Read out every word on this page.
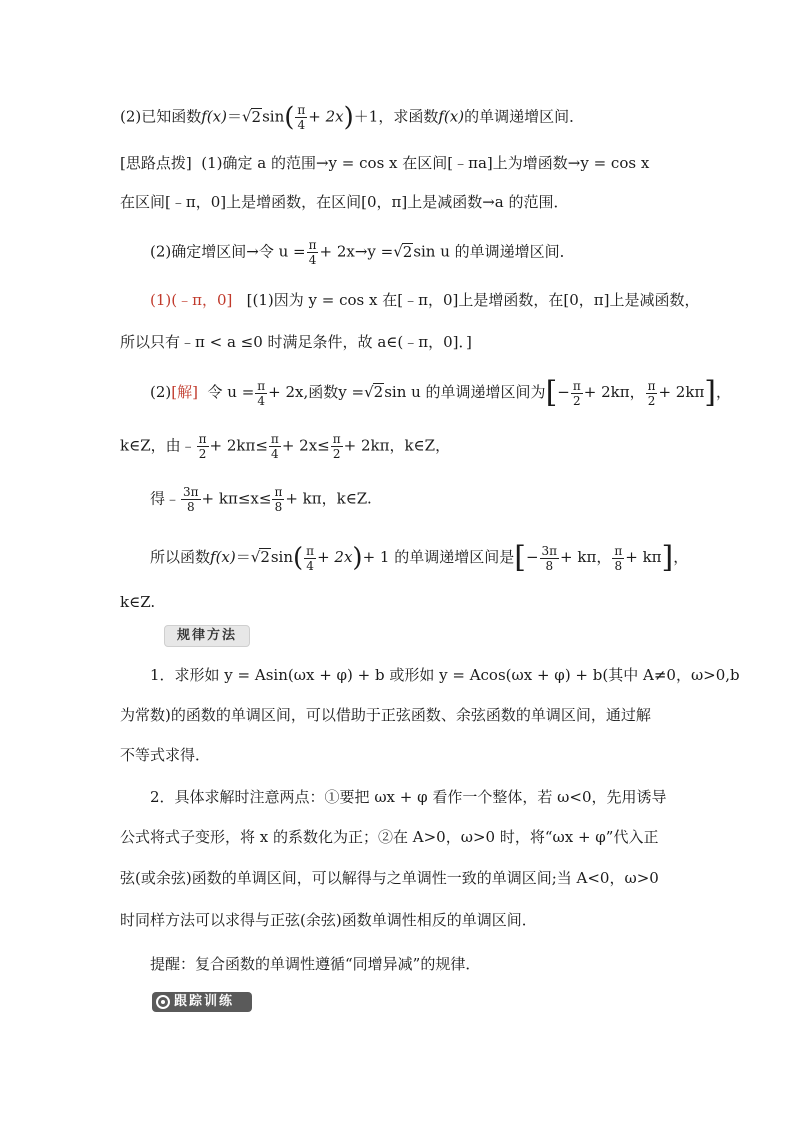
(2)已知函数$f(x)=√2\sin( \frac{\pi}{4} + 2x)+1$，求函数f(x)的单调递增区间．
[思路点拨] (1)确定 a 的范围→y = cos x 在区间[﹣πa]上为增函数→y = cos x
在区间[﹣π，0]上是增函数，在区间[0，π]上是减函数→a 的范围．
(2)确定增区间→令 $u = \frac{\pi}{4} + 2x\to y =√2\sin$ u 的单调递增区间．
(1)(﹣π，0] [(1)因为 y = cos x 在[﹣π，0]上是增函数，在[0，π]上是减函数，
所以只有﹣π < a ≤0 时满足条件，故 a∈(﹣π，0]．]
(2)[解] 令 $u = \frac{\pi}{4} + 2x$,函数y =√2sin u 的单调递增区间为[− $\frac{\pi}{2} + 2k\pi$， $\frac{\pi}{2} + 2k\pi$]，
k∈Z，由﹣ $\frac{\pi}{2} + 2k\pi\le \frac{\pi}{4} + 2x\le \frac{\pi}{2} + 2k\pi$，k∈Z，
得﹣ $\frac{3\pi}{8} + k\pi\le x\le \frac{\pi}{8} + k\pi$，k∈Z.
所以函数$f(x)=√2\sin( \frac{\pi}{4} + 2x)+ 1$ 的单调递增区间是[− $\frac{3\pi}{8} + k\pi$， $\frac{\pi}{8} + k\pi$]，
k∈Z.
规律方法
1．求形如 y = Asin(ωx + φ) + b 或形如 y = Acos(ωx + φ) + b(其中 A≠0，ω>0,b
为常数)的函数的单调区间，可以借助于正弦函数、余弦函数的单调区间，通过解
不等式求得．
2．具体求解时注意两点：①要把 ωx + φ 看作一个整体，若 ω<0，先用诱导
公式将式子变形，将 x 的系数化为正；②在 A>0，ω>0 时，将“ωx + φ”代入正
弦(或余弦)函数的单调区间，可以解得与之单调性一致的单调区间;当 A<0，ω>0
时同样方法可以求得与正弦(余弦)函数单调性相反的单调区间．
提醒：复合函数的单调性遵循“同增异减”的规律．
跟踪训练
